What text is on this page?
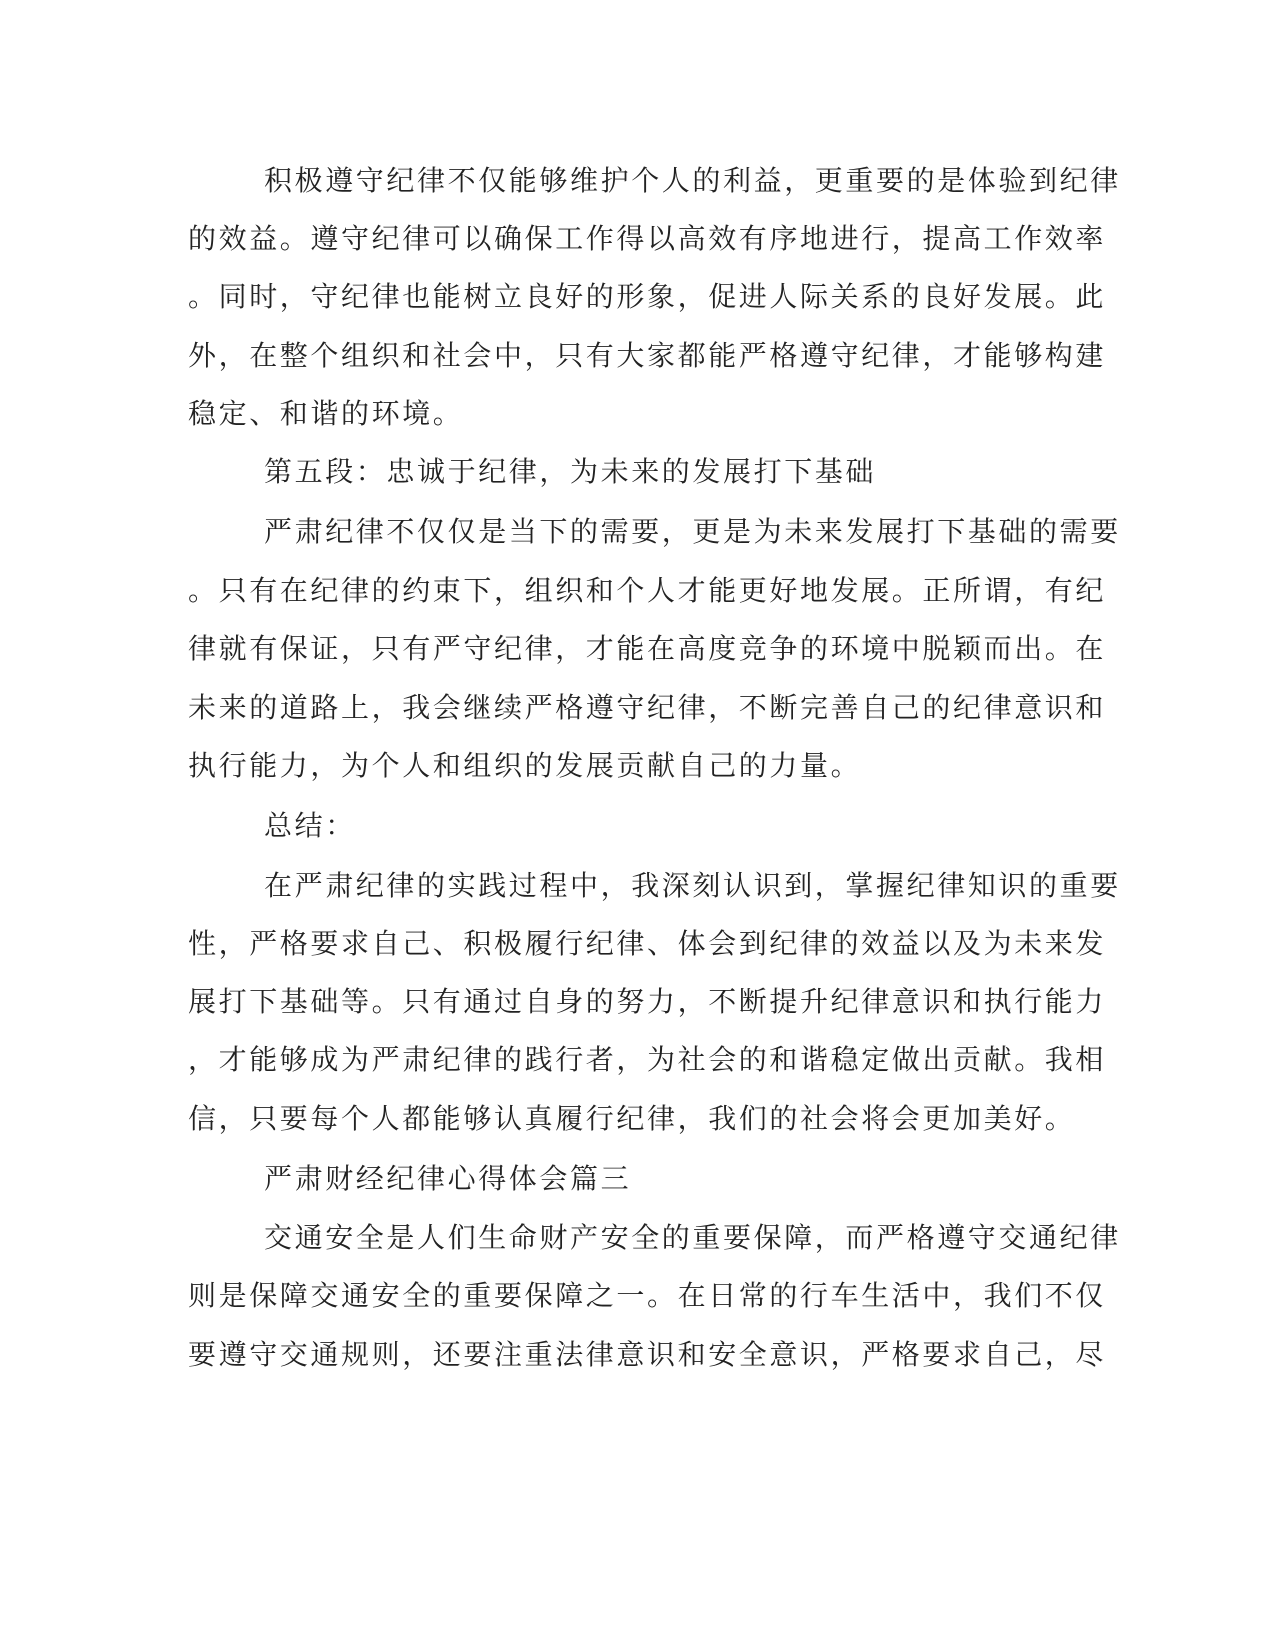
积极遵守纪律不仅能够维护个人的利益，更重要的是体验到纪律
的效益。遵守纪律可以确保工作得以高效有序地进行，提高工作效率
。同时，守纪律也能树立良好的形象，促进人际关系的良好发展。此
外，在整个组织和社会中，只有大家都能严格遵守纪律，才能够构建
稳定、和谐的环境。
第五段：忠诚于纪律，为未来的发展打下基础
严肃纪律不仅仅是当下的需要，更是为未来发展打下基础的需要
。只有在纪律的约束下，组织和个人才能更好地发展。正所谓，有纪
律就有保证，只有严守纪律，才能在高度竞争的环境中脱颖而出。在
未来的道路上，我会继续严格遵守纪律，不断完善自己的纪律意识和
执行能力，为个人和组织的发展贡献自己的力量。
总结：
在严肃纪律的实践过程中，我深刻认识到，掌握纪律知识的重要
性，严格要求自己、积极履行纪律、体会到纪律的效益以及为未来发
展打下基础等。只有通过自身的努力，不断提升纪律意识和执行能力
，才能够成为严肃纪律的践行者，为社会的和谐稳定做出贡献。我相
信，只要每个人都能够认真履行纪律，我们的社会将会更加美好。
严肃财经纪律心得体会篇三
交通安全是人们生命财产安全的重要保障，而严格遵守交通纪律
则是保障交通安全的重要保障之一。在日常的行车生活中，我们不仅
要遵守交通规则，还要注重法律意识和安全意识，严格要求自己，尽
